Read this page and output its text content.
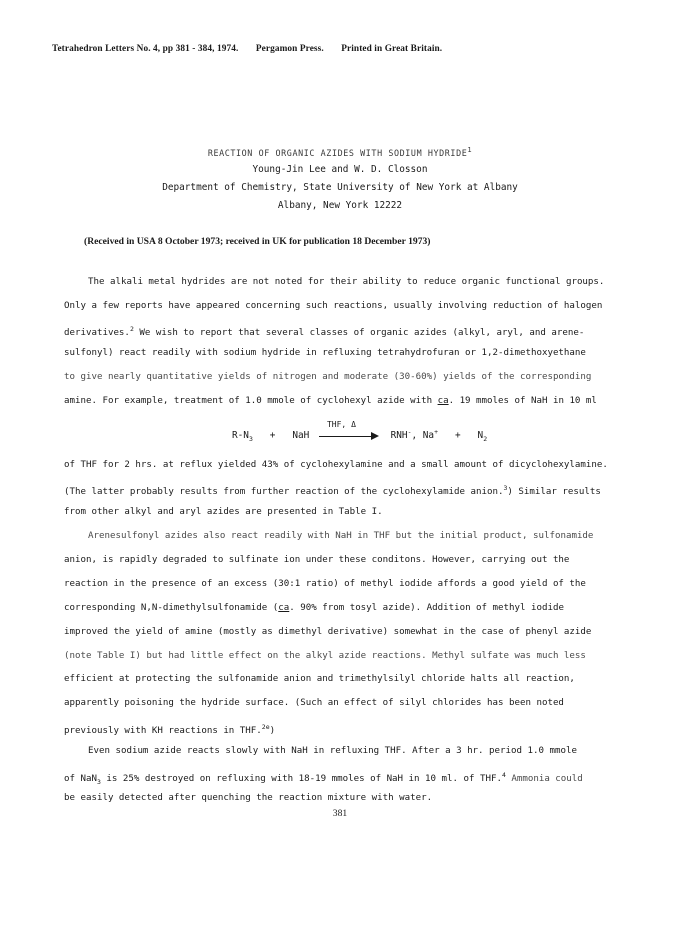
Tetrahedron Letters No. 4, pp 381 - 384, 1974. Pergamon Press. Printed in Great Britain.
REACTION OF ORGANIC AZIDES WITH SODIUM HYDRIDE$^1$
Young-Jin Lee and W. D. Closson
Department of Chemistry, State University of New York at Albany
Albany, New York 12222
(Received in USA 8 October 1973; received in UK for publication 18 December 1973)
The alkali metal hydrides are not noted for their ability to reduce organic functional groups.
Only a few reports have appeared concerning such reactions, usually involving reduction of halogen
derivatives.$^2$ We wish to report that several classes of organic azides (alkyl, aryl, and arene-
sulfonyl) react readily with sodium hydride in refluxing tetrahydrofuran or 1,2-dimethoxyethane
to give nearly quantitative yields of nitrogen and moderate (30-60%) yields of the corresponding
amine. For example, treatment of 1.0 mmole of cyclohexyl azide with ca. 19 mmoles of NaH in 10 ml
$R-N_3$ + NaH
THF, Δ
RNH-, $Na^+ + N_2$
of THF for 2 hrs. at reflux yielded 43% of cyclohexylamine and a small amount of dicyclohexylamine.
(The latter probably results from further reaction of the cyclohexylamide anion.$^3$) Similar results
from other alkyl and aryl azides are presented in Table I.
Arenesulfonyl azides also react readily with NaH in THF but the initial product, sulfonamide
anion, is rapidly degraded to sulfinate ion under these conditons. However, carrying out the
reaction in the presence of an excess (30:1 ratio) of methyl iodide affords a good yield of the
corresponding N,N-dimethylsulfonamide (ca. 90% from tosyl azide). Addition of methyl iodide
improved the yield of amine (mostly as dimethyl derivative) somewhat in the case of phenyl azide
(note Table I) but had little effect on the alkyl azide reactions. Methyl sulfate was much less
efficient at protecting the sulfonamide anion and trimethylsilyl chloride halts all reaction,
apparently poisoning the hydride surface. (Such an effect of silyl chlorides has been noted
previously with KH reactions in THF.$^{2e}$)
Even sodium azide reacts slowly with NaH in refluxing THF. After a 3 hr. period 1.0 mmole
of NaN$_3$ is 25% destroyed on refluxing with 18-19 mmoles of NaH in 10 ml. of THF.$^4$ Ammonia could
be easily detected after quenching the reaction mixture with water.
381
